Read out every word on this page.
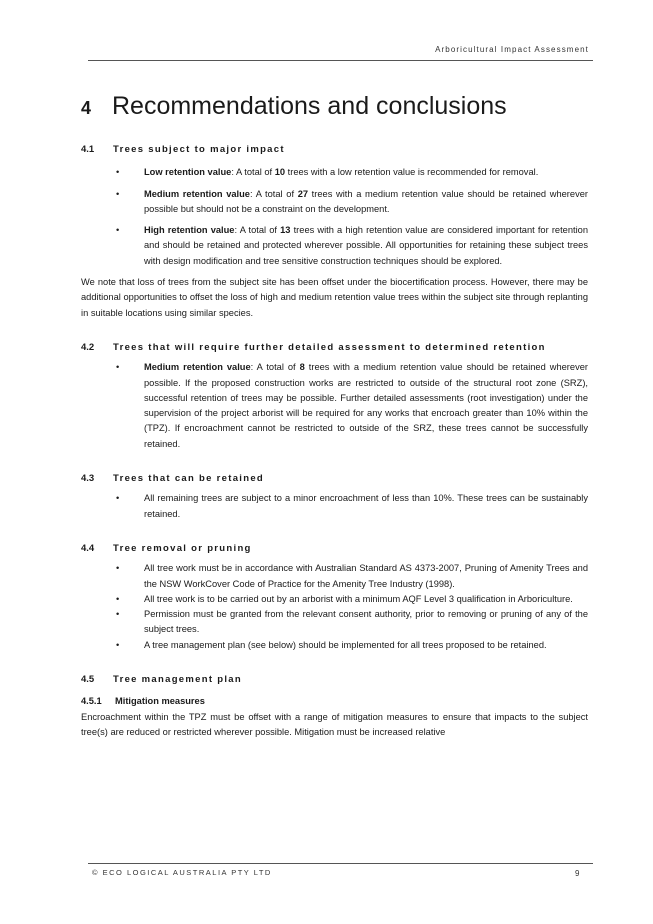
Arboricultural Impact Assessment
4 Recommendations and conclusions
4.1 Trees subject to major impact
•	Low retention value: A total of 10 trees with a low retention value is recommended for removal.
•	Medium retention value: A total of 27 trees with a medium retention value should be retained wherever possible but should not be a constraint on the development.
•	High retention value: A total of 13 trees with a high retention value are considered important for retention and should be retained and protected wherever possible. All opportunities for retaining these subject trees with design modification and tree sensitive construction techniques should be explored.

We note that loss of trees from the subject site has been offset under the biocertification process. However, there may be additional opportunities to offset the loss of high and medium retention value trees within the subject site through replanting in suitable locations using similar species.

4.2 Trees that will require further detailed assessment to determined retention
•	Medium retention value: A total of 8 trees with a medium retention value should be retained wherever possible. If the proposed construction works are restricted to outside of the structural root zone (SRZ), successful retention of trees may be possible. Further detailed assessments (root investigation) under the supervision of the project arborist will be required for any works that encroach greater than 10% within the (TPZ). If encroachment cannot be restricted to outside of the SRZ, these trees cannot be successfully retained.
4.3 Trees that can be retained
•	All remaining trees are subject to a minor encroachment of less than 10%. These trees can be sustainably retained.
4.4 Tree removal or pruning
•	All tree work must be in accordance with Australian Standard AS 4373-2007, Pruning of Amenity Trees and the NSW WorkCover Code of Practice for the Amenity Tree Industry (1998).
•	All tree work is to be carried out by an arborist with a minimum AQF Level 3 qualification in Arboriculture.
•	Permission must be granted from the relevant consent authority, prior to removing or pruning of any of the subject trees.
•	A tree management plan (see below) should be implemented for all trees proposed to be retained.
4.5 Tree management plan
4.5.1 Mitigation measures

Encroachment within the TPZ must be offset with a range of mitigation measures to ensure that impacts to the subject tree(s) are reduced or restricted wherever possible. Mitigation must be increased relative

© ECO LOGICAL AUSTRALIA PTY LTD	9
